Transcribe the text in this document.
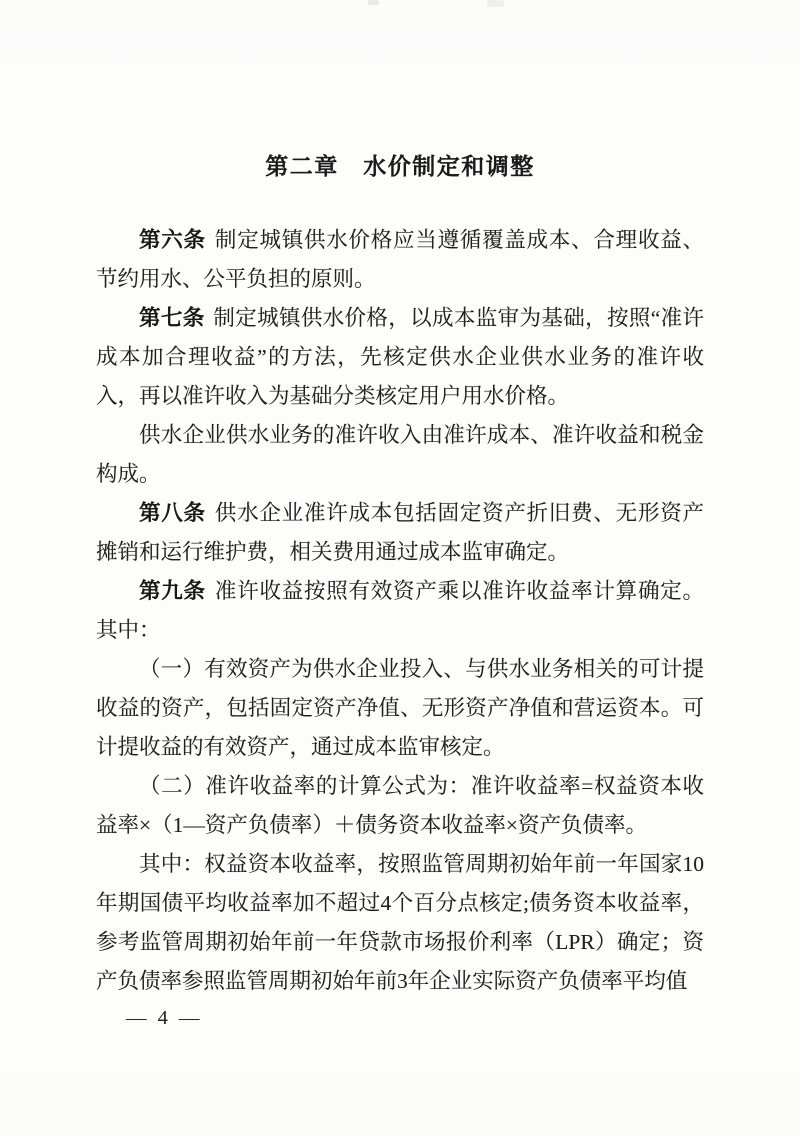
第二章　水价制定和调整

第六条 制定城镇供水价格应当遵循覆盖成本、合理收益、节约用水、公平负担的原则。

第七条 制定城镇供水价格，以成本监审为基础，按照“准许成本加合理收益”的方法，先核定供水企业供水业务的准许收入，再以准许收入为基础分类核定用户用水价格。

供水企业供水业务的准许收入由准许成本、准许收益和税金构成。

第八条 供水企业准许成本包括固定资产折旧费、无形资产摊销和运行维护费，相关费用通过成本监审确定。

第九条 准许收益按照有效资产乘以准许收益率计算确定。其中：

（一）有效资产为供水企业投入、与供水业务相关的可计提收益的资产，包括固定资产净值、无形资产净值和营运资本。可计提收益的有效资产，通过成本监审核定。

（二）准许收益率的计算公式为：准许收益率=权益资本收益率×（1—资产负债率）＋债务资本收益率×资产负债率。

其中：权益资本收益率，按照监管周期初始年前一年国家10年期国债平均收益率加不超过4个百分点核定;债务资本收益率，参考监管周期初始年前一年贷款市场报价利率（LPR）确定；资产负债率参照监管周期初始年前3年企业实际资产负债率平均值

— 4 —
